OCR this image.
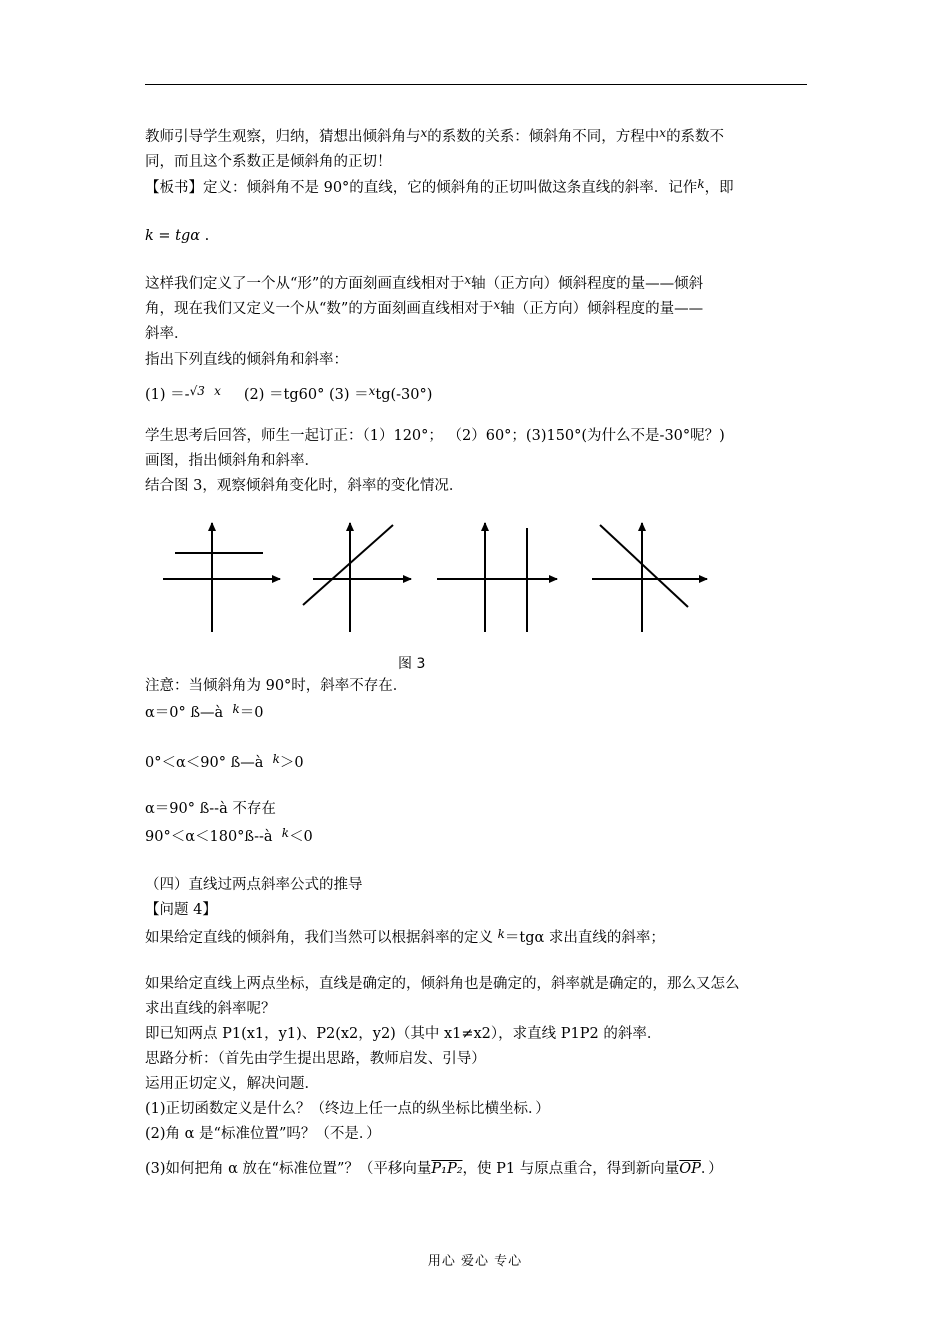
教师引导学生观察，归纳，猜想出倾斜角与$^x$的系数的关系：倾斜角不同，方程中$^x$的系数不
同，而且这个系数正是倾斜角的正切！
【板书】定义：倾斜角不是 90°的直线，它的倾斜角的正切叫做这条直线的斜率．记作$^k$，即
k = tgα .
这样我们定义了一个从“形”的方面刻画直线相对于$^x$轴（正方向）倾斜程度的量——倾斜
角，现在我们又定义一个从“数”的方面刻画直线相对于$^x$轴（正方向）倾斜程度的量——
斜率．
指出下列直线的倾斜角和斜率：
(1) ＝-$^{√3}$ $^x$ (2) ＝tg60° (3) ＝$^x$tg(-30°)
学生思考后回答，师生一起订正：（1）120°； （2）60°；(3)150°(为什么不是-30°呢？)
画图，指出倾斜角和斜率．
结合图 3，观察倾斜角变化时，斜率的变化情况．
图 3
注意：当倾斜角为 90°时，斜率不存在．
α＝0° ß—à $^k$＝0
0°＜α＜90° ß—à $^k$＞0
α＝90° ß--à 不存在
90°＜α＜180°ß--à $^k$＜0
（四）直线过两点斜率公式的推导
【问题 4】
如果给定直线的倾斜角，我们当然可以根据斜率的定义 $^k$＝tgα 求出直线的斜率；
如果给定直线上两点坐标，直线是确定的，倾斜角也是确定的，斜率就是确定的，那么又怎么
求出直线的斜率呢？
即已知两点 P1(x1，y1)、P2(x2，y2)（其中 x1≠x2），求直线 P1P2 的斜率．
思路分析：（首先由学生提出思路，教师启发、引导）
运用正切定义，解决问题．
(1)正切函数定义是什么？（终边上任一点的纵坐标比横坐标．）
(2)角 α 是“标准位置”吗？（不是．）
(3)如何把角 α 放在“标准位置”？（平移向量P₁P₂，使 P1 与原点重合，得到新向量$\overline{OP}$．）
用心 爱心 专心
